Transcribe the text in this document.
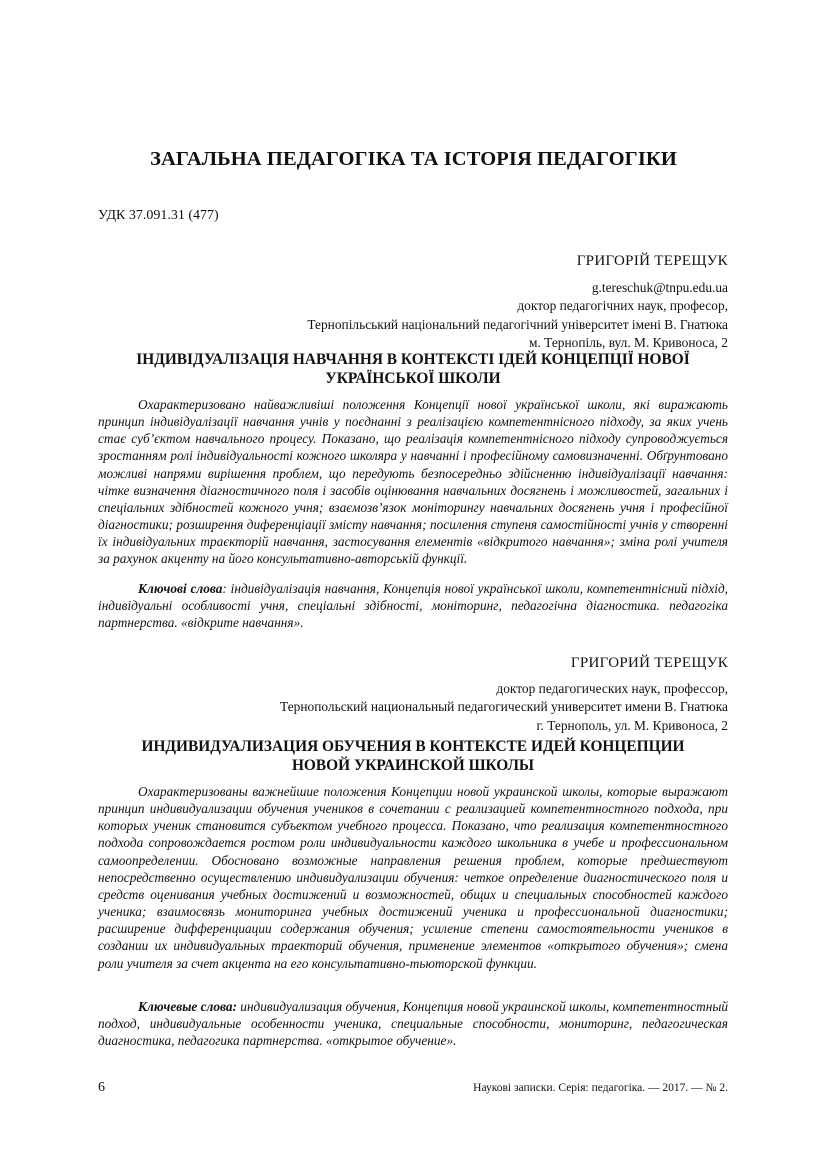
ЗАГАЛЬНА ПЕДАГОГІКА ТА ІСТОРІЯ ПЕДАГОГІКИ
УДК 37.091.31 (477)
ГРИГОРІЙ ТЕРЕЩУК
g.tereschuk@tnpu.edu.ua
доктор педагогічних наук, професор,
Тернопільський національний педагогічний університет імені В. Гнатюка
м. Тернопіль, вул. М. Кривоноса, 2
ІНДИВІДУАЛІЗАЦІЯ НАВЧАННЯ В КОНТЕКСТІ ІДЕЙ КОНЦЕПЦІЇ НОВОЇ
УКРАЇНСЬКОЇ ШКОЛИ

Охарактеризовано найважливіші положення Концепції нової української школи, які виражають принцип індивідуалізації навчання учнів у поєднанні з реалізацією компетентнісного підходу, за яких учень стає суб’єктом навчального процесу. Показано, що реалізація компетентнісного підходу супроводжується зростанням ролі індивідуальності кожного школяра у навчанні і професійному самовизначенні. Обґрунтовано можливі напрями вирішення проблем, що передують безпосередньо здійсненню індивідуалізації навчання: чітке визначення діагностичного поля і засобів оцінювання навчальних досягнень і можливостей, загальних і спеціальних здібностей кожного учня; взаємозв’язок моніторингу навчальних досягнень учня і професійної діагностики; розширення диференціації змісту навчання; посилення ступеня самостійності учнів у створенні їх індивідуальних траєкторій навчання, застосування елементів «відкритого навчання»; зміна ролі учителя за рахунок акценту на його консультативно-авторській функції.

Ключові слова: індивідуалізація навчання, Концепція нової української школи, компетентнісний підхід, індивідуальні особливості учня, спеціальні здібності, моніторинг, педагогічна діагностика. педагогіка партнерства. «відкрите навчання».

ГРИГОРИЙ ТЕРЕЩУК
доктор педагогических наук, профессор,
Тернопольский национальный педагогический университет имени В. Гнатюка
г. Тернополь, ул. М. Кривоноса, 2
ИНДИВИДУАЛИЗАЦИЯ ОБУЧЕНИЯ В КОНТЕКСТЕ ИДЕЙ КОНЦЕПЦИИ
НОВОЙ УКРАИНСКОЙ ШКОЛЫ

Охарактеризованы важнейшие положения Концепции новой украинской школы, которые выражают принцип индивидуализации обучения учеников в сочетании с реализацией компетентностного подхода, при которых ученик становится субъектом учебного процесса. Показано, что реализация компетентностного подхода сопровождается ростом роли индивидуальности каждого школьника в учебе и профессиональном самоопределении. Обосновано возможные направления решения проблем, которые предшествуют непосредственно осуществлению индивидуализации обучения: четкое определение диагностического поля и средств оценивания учебных достижений и возможностей, общих и специальных способностей каждого ученика; взаимосвязь мониторинга учебных достижений ученика и профессиональной диагностики; расширение дифференциации содержания обучения; усиление степени самостоятельности учеников в создании их индивидуальных траекторий обучения, применение элементов «открытого обучения»; смена роли учителя за счет акцента на его консультативно-тьюторской функции.

Ключевые слова: индивидуализация обучения, Концепция новой украинской школы, компетентностный подход, индивидуальные особенности ученика, специальные способности, мониторинг, педагогическая диагностика, педагогика партнерства. «открытое обучение».

6	Наукові записки. Серія: педагогіка. — 2017. — № 2.
